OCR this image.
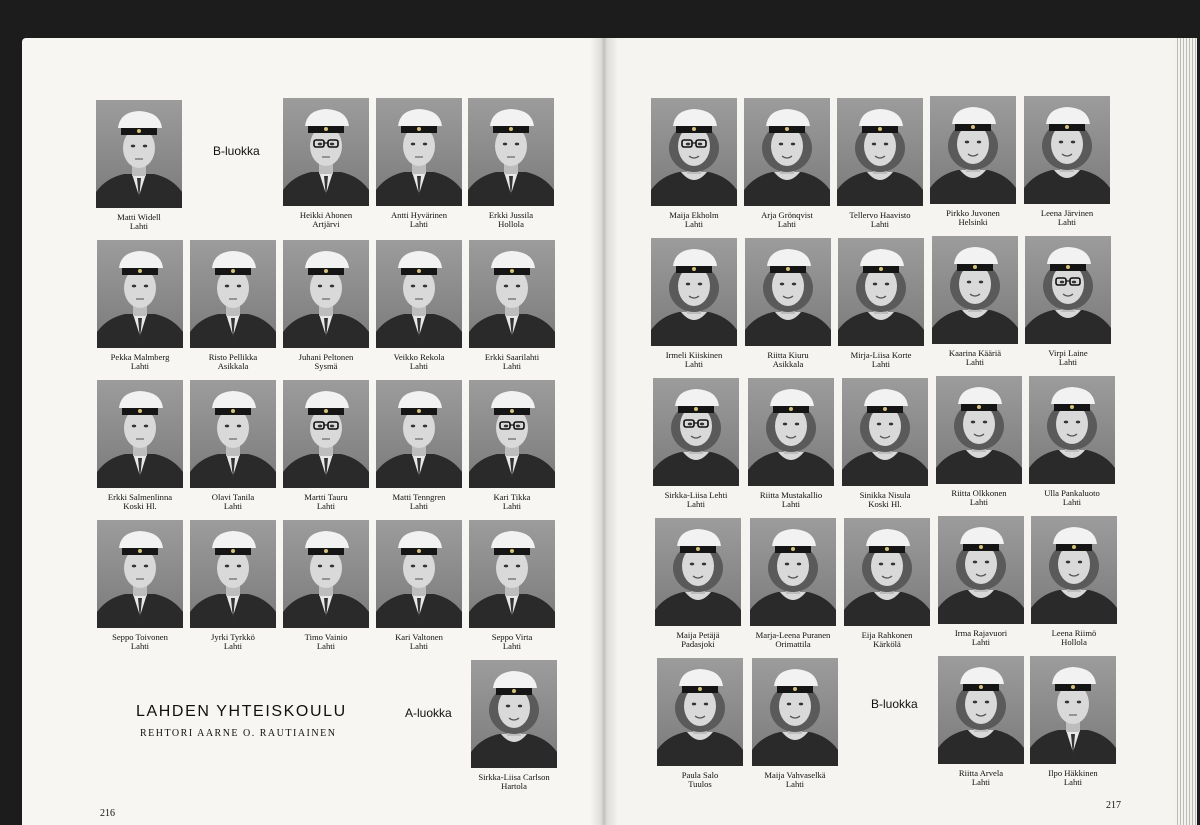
Matti Widell
Lahti
Heikki Ahonen
Artjärvi
Antti Hyvärinen
Lahti
Erkki Jussila
Hollola
Pekka Malmberg
Lahti
Risto Pellikka
Asikkala
Juhani Peltonen
Sysmä
Veikko Rekola
Lahti
Erkki Saarilahti
Lahti
Erkki Salmenlinna
Koski Hl.
Olavi Tanila
Lahti
Martti Tauru
Lahti
Matti Tenngren
Lahti
Kari Tikka
Lahti
Seppo Toivonen
Lahti
Jyrki Tyrkkö
Lahti
Timo Vainio
Lahti
Kari Valtonen
Lahti
Seppo Virta
Lahti
Sirkka-Liisa Carlson
Hartola
Maija Ekholm
Lahti
Arja Grönqvist
Lahti
Tellervo Haavisto
Lahti
Pirkko Juvonen
Helsinki
Leena Järvinen
Lahti
Irmeli Kiiskinen
Lahti
Riitta Kiuru
Asikkala
Mirja-Liisa Korte
Lahti
Kaarina Kääriä
Lahti
Virpi Laine
Lahti
Sirkka-Liisa Lehti
Lahti
Riitta Mustakallio
Lahti
Sinikka Nisula
Koski Hl.
Riitta Olkkonen
Lahti
Ulla Pankaluoto
Lahti
Maija Petäjä
Padasjoki
Marja-Leena Puranen
Orimattila
Eija Rahkonen
Kärkölä
Irma Rajavuori
Lahti
Leena Riimö
Hollola
Paula Salo
Tuulos
Maija Vahvaselkä
Lahti
Riitta Arvela
Lahti
Ilpo Häkkinen
Lahti
B-luokka
A-luokka
B-luokka
LAHDEN YHTEISKOULU
REHTORI AARNE O. RAUTIAINEN
216
217
